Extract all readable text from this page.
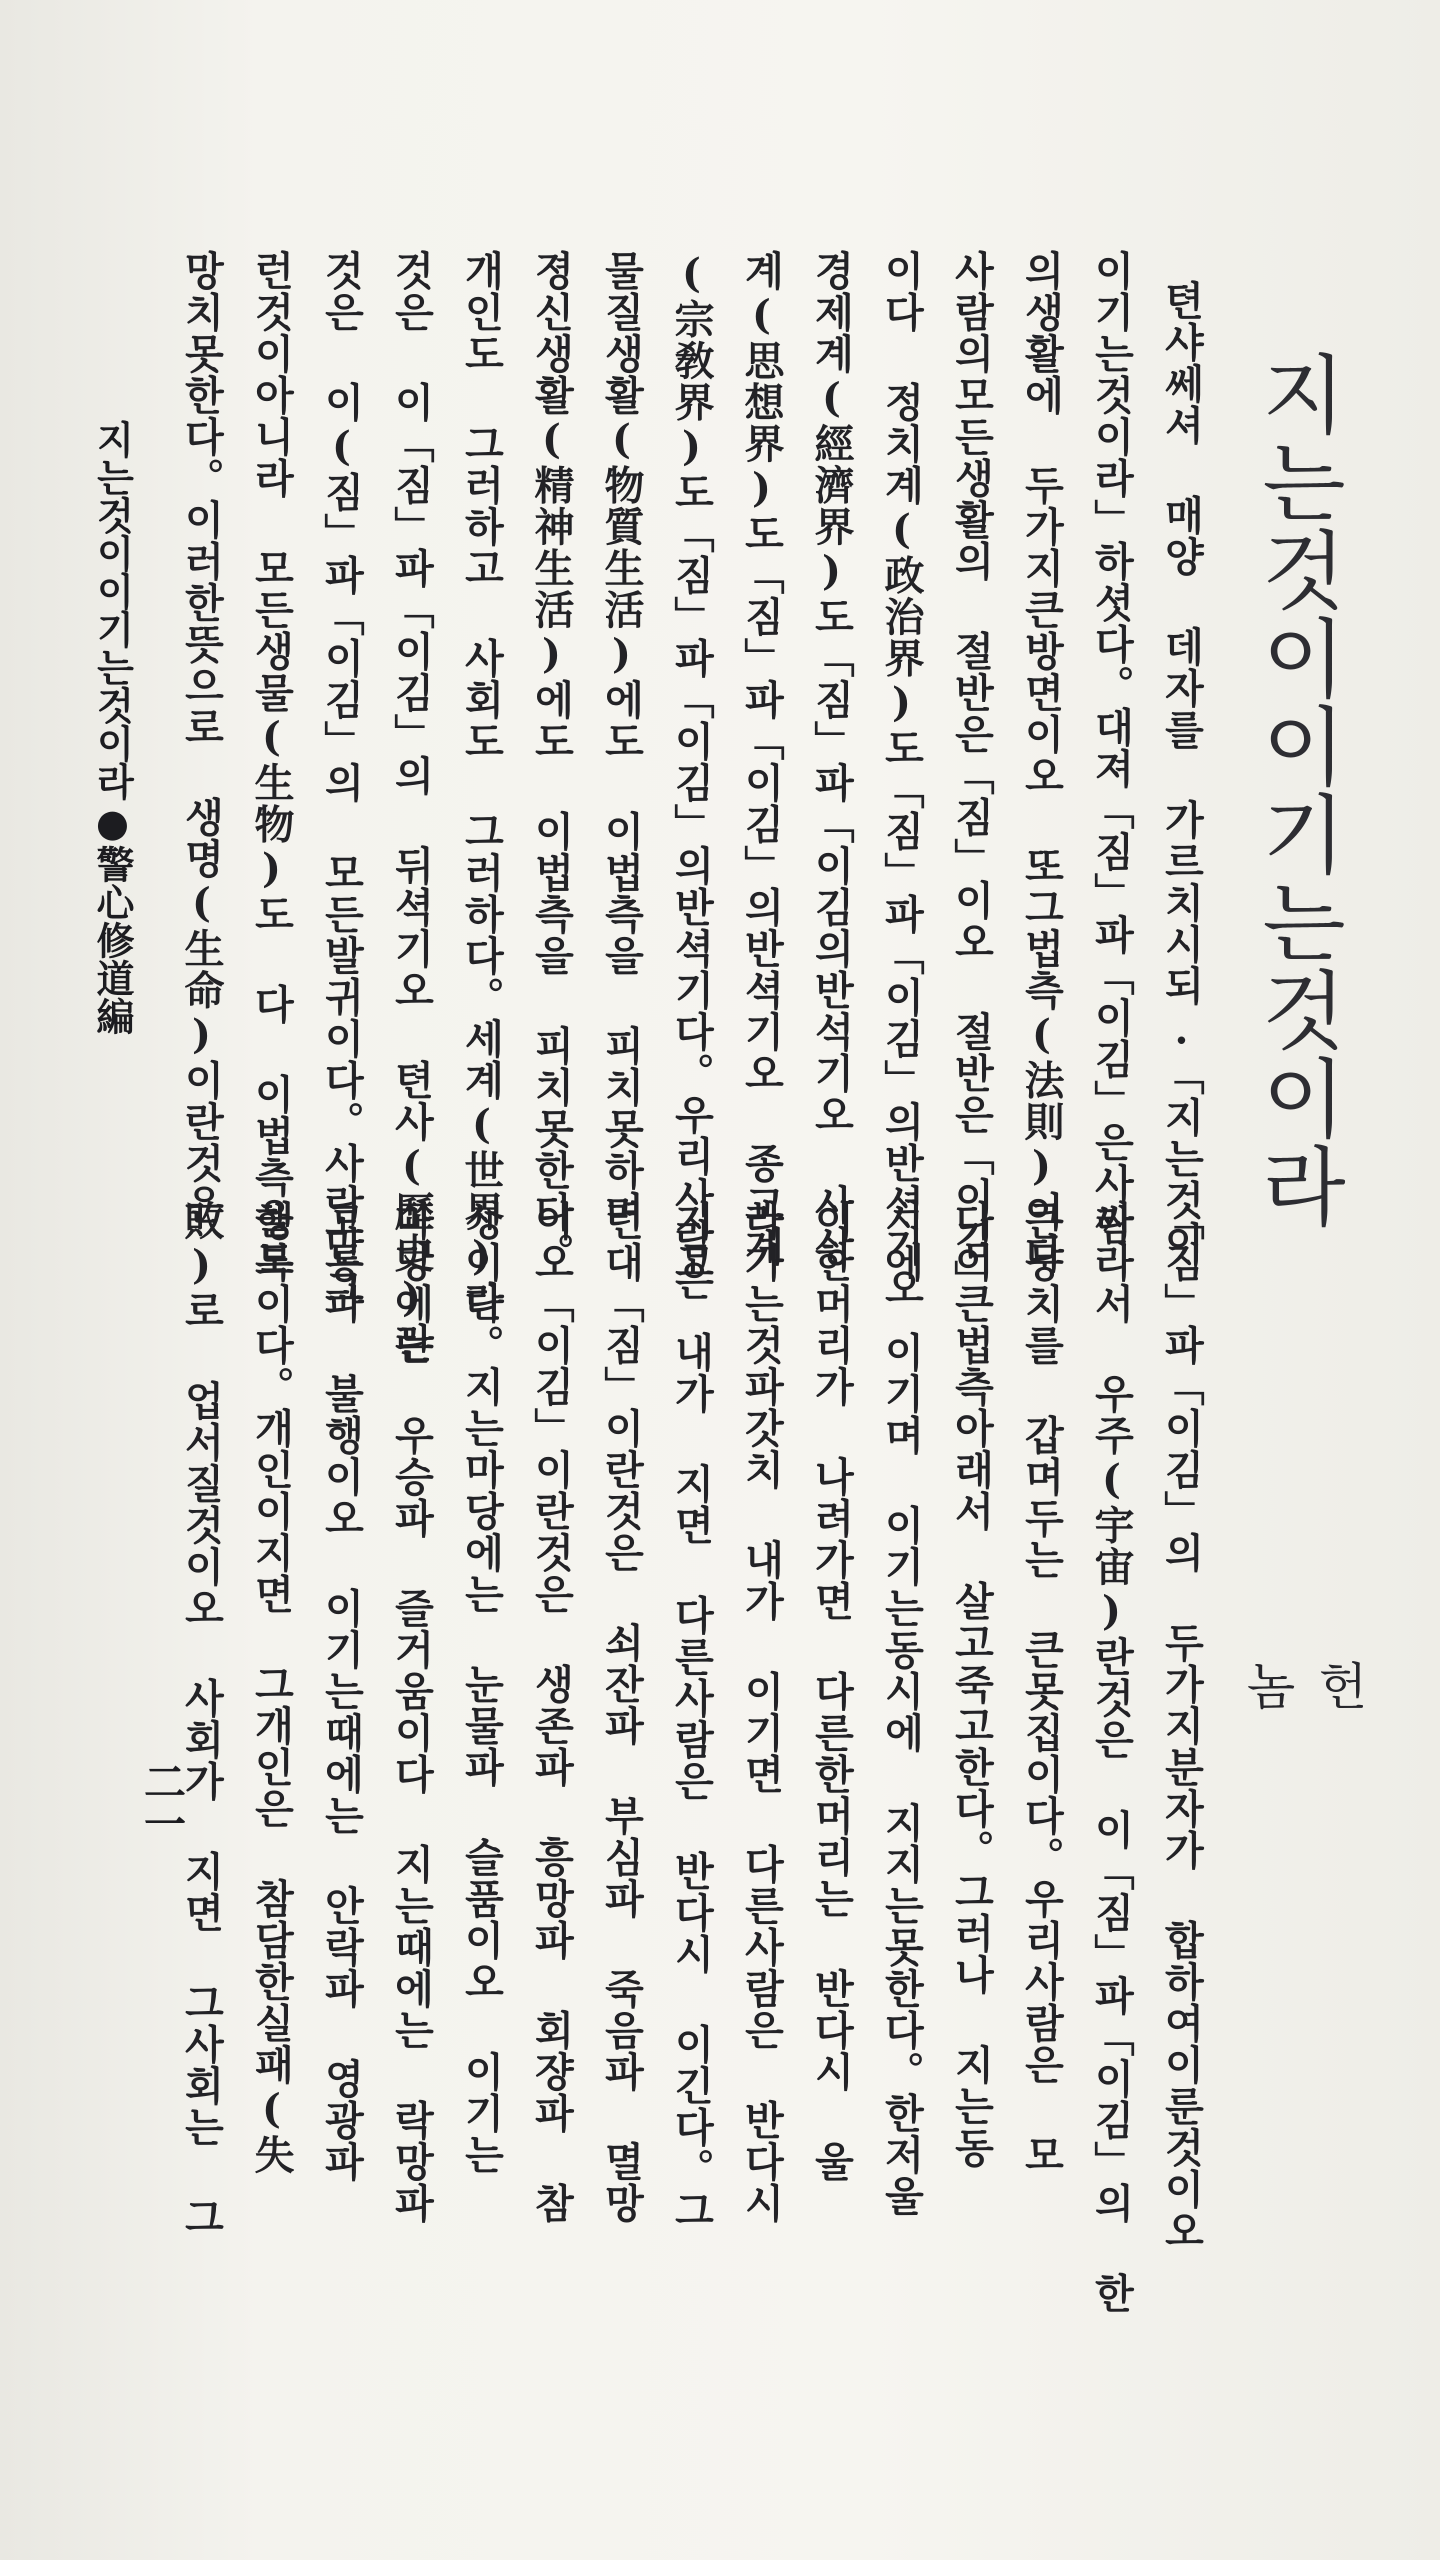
지는것이이기는것이라
헌
놈
텬샤쎄셔 매양 데자를 가르치시되.「지는것이
이기는것이라」하셧다。대져「짐」파「이김」은사람
의생활에 두가지큰방면이오 또그법측(法則)이다
사람의모든생활의 절반은「짐」이오 절반은「이김」
이다 정치계(政治界)도「짐」파「이김」의반셕기오
경제계(經濟界)도「짐」파「이김의반석기오 사상
계(思想界)도「짐」파「이김」의반셕기오 종교계
(宗敎界)도「짐」파「이김」의반셕기다。우리사람은
물질생활(物質生活)에도 이법측을 피치못하며
졍신생활(精神生活)에도 이법측을 피치못한다。
개인도 그러하고 사회도 그러하다。세계(世界)란
것은 이「짐」파「이김」의 뒤셕기오 텬사(歷史)란
것은 이(짐」파「이김」의 모든발귀이다。사람만그
런것이아니라 모든생물(生物)도 다 이법측을도
망치못한다。이러한뜻으로 생명(生命)이란것은
「짐」파「이김」의 두가지분자가 합하여이룬것이오
싸라서 우주(宇宙)란것은 이「짐」파「이김」의 한
큰뭉치를 갑며두는 큰못집이다。우리사람은 모
다이큰법측아래서 살고죽고한다。그러나 지는동
시에 이기며 이기는동시에 지지는못한다。한저울
이한머리가 나려가면 다른한머리는 반다시 울
라가는것파갓치 내가 이기면 다른사람은 반다시
지고 내가 지면 다른사람은 반다시 이긴다。그
런대「짐」이란것은 쇠잔파 부심파 죽음파 멸망
이오「이김」이란것은 생존파 흥망파 회쟝파 참
성이다。지는마당에는 눈물파 슬품이오 이기는
마당에는 우승파 즐거움이다 지는때에는 락망파
고통파 불행이오 이기는때에는 안락파 영광파
행복이다。개인이지면 그개인은 참담한실패(失
敗)로 업서질것이오 사회가 지면 그사회는 그
지는것이이기는것이라●警心修道編
二一
